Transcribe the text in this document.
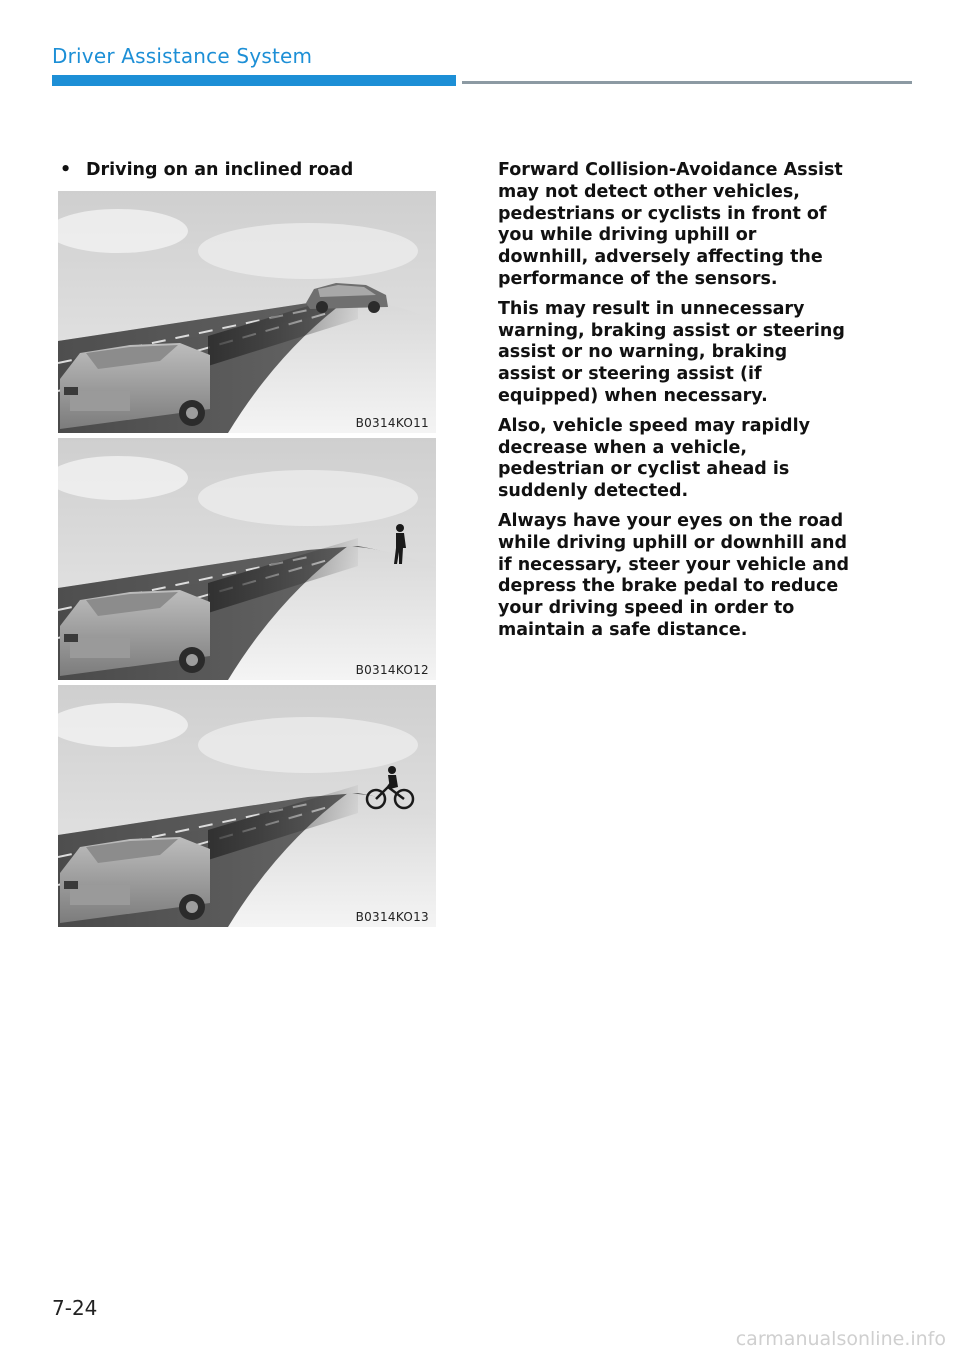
Driver Assistance System
• Driving on an inclined road
B0314KO11
B0314KO12
B0314KO13

Forward Collision-Avoidance Assist may not detect other vehicles, pedestrians or cyclists in front of you while driving uphill or downhill, adversely affecting the performance of the sensors.

This may result in unnecessary warning, braking assist or steering assist or no warning, braking assist or steering assist (if equipped) when necessary.

Also, vehicle speed may rapidly decrease when a vehicle, pedestrian or cyclist ahead is suddenly detected.

Always have your eyes on the road while driving uphill or downhill and if necessary, steer your vehicle and depress the brake pedal to reduce your driving speed in order to maintain a safe distance.

7-24
carmanualsonline.info
